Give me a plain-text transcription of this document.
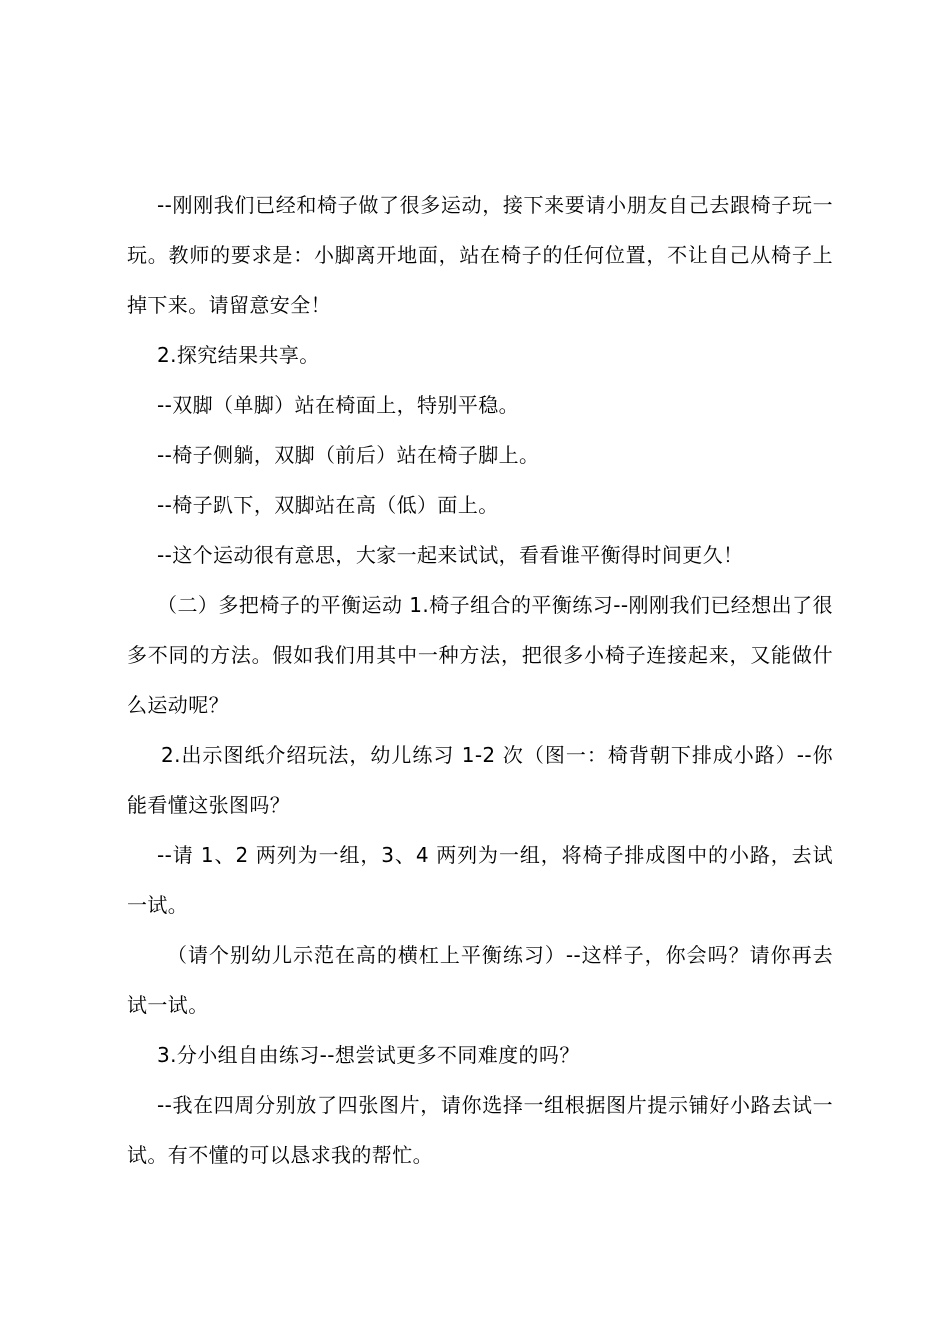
--刚刚我们已经和椅子做了很多运动，接下来要请小朋友自己去跟椅子玩一玩。教师的要求是：小脚离开地面，站在椅子的任何位置，不让自己从椅子上掉下来。请留意安全！

2.探究结果共享。

--双脚（单脚）站在椅面上，特别平稳。

--椅子侧躺，双脚（前后）站在椅子脚上。

--椅子趴下，双脚站在高（低）面上。

--这个运动很有意思，大家一起来试试，看看谁平衡得时间更久！

（二）多把椅子的平衡运动 1.椅子组合的平衡练习--刚刚我们已经想出了很多不同的方法。假如我们用其中一种方法，把很多小椅子连接起来，又能做什么运动呢？

2.出示图纸介绍玩法，幼儿练习 1-2 次（图一：椅背朝下排成小路）--你能看懂这张图吗？

--请 1、2 两列为一组，3、4 两列为一组，将椅子排成图中的小路，去试一试。

（请个别幼儿示范在高的横杠上平衡练习）--这样子，你会吗？请你再去试一试。

3.分小组自由练习--想尝试更多不同难度的吗？

--我在四周分别放了四张图片，请你选择一组根据图片提示铺好小路去试一试。有不懂的可以恳求我的帮忙。
